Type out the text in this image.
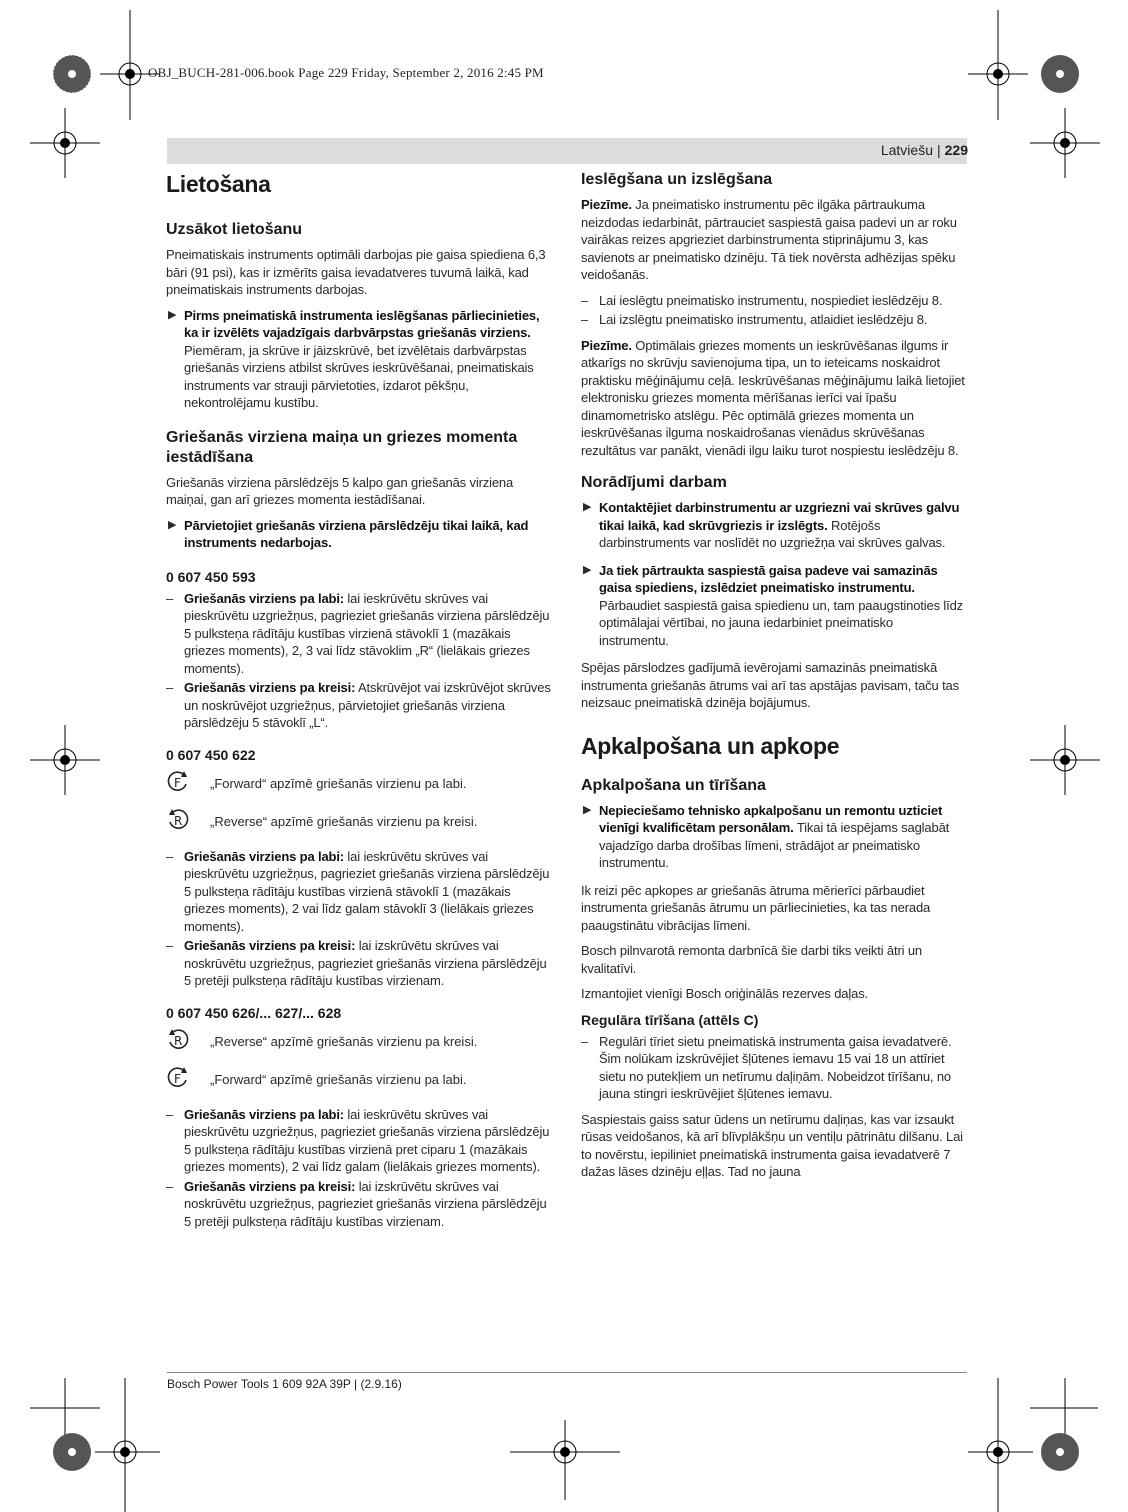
OBJ_BUCH-281-006.book Page 229 Friday, September 2, 2016 2:45 PM
Latviešu | 229
Lietošana
Uzsākot lietošanu
Pneimatiskais instruments optimāli darbojas pie gaisa spiediena 6,3 bāri (91 psi), kas ir izmērīts gaisa ievadatveres tuvumā laikā, kad pneimatiskais instruments darbojas.
▶ Pirms pneimatiskā instrumenta ieslēgšanas pārliecinieties, ka ir izvēlēts vajadzīgais darbvārpstas griešanās virziens. Piemēram, ja skrūve ir jāizskrūvē, bet izvēlētais darbvārpstas griešanās virziens atbilst skrūves ieskrūvēšanai, pneimatiskais instruments var strauji pārvietoties, izdarot pēkšņu, nekontrolējamu kustību.
Griešanās virziena maiņa un griezes momenta iestādīšana
Griešanās virziena pārslēdzējs 5 kalpo gan griešanās virziena maiņai, gan arī griezes momenta iestādīšanai.
▶ Pārvietojiet griešanās virziena pārslēdzēju tikai laikā, kad instruments nedarbojas.
0 607 450 593
– Griešanās virziens pa labi: lai ieskrūvētu skrūves vai pieskrūvētu uzgriežņus, pagrieziet griešanās virziena pārslēdzēju 5 pulksteņa rādītāju kustības virzienā stāvoklī 1 (mazākais griezes moments), 2, 3 vai līdz stāvoklim „R“ (lielākais griezes moments).
– Griešanās virziens pa kreisi: Atskrūvējot vai izskrūvējot skrūves un noskrūvējot uzgriežņus, pārvietojiet griešanās virziena pārslēdzēju 5 stāvoklī „L“.
0 607 450 622
F „Forward“ apzīmē griešanās virzienu pa labi.
R „Reverse“ apzīmē griešanās virzienu pa kreisi.
– Griešanās virziens pa labi: lai ieskrūvētu skrūves vai pieskrūvētu uzgriežņus, pagrieziet griešanās virziena pārslēdzēju 5 pulksteņa rādītāju kustības virzienā stāvoklī 1 (mazākais griezes moments), 2 vai līdz galam stāvoklī 3 (lielākais griezes moments).
– Griešanās virziens pa kreisi: lai izskrūvētu skrūves vai noskrūvētu uzgriežņus, pagrieziet griešanās virziena pārslēdzēju 5 pretēji pulksteņa rādītāju kustības virzienam.
0 607 450 626/... 627/... 628
R „Reverse“ apzīmē griešanās virzienu pa kreisi.
F „Forward“ apzīmē griešanās virzienu pa labi.
– Griešanās virziens pa labi: lai ieskrūvētu skrūves vai pieskrūvētu uzgriežņus, pagrieziet griešanās virziena pārslēdzēju 5 pulksteņa rādītāju kustības virzienā pret ciparu 1 (mazākais griezes moments), 2 vai līdz galam (lielākais griezes moments).
– Griešanās virziens pa kreisi: lai izskrūvētu skrūves vai noskrūvētu uzgriežņus, pagrieziet griešanās virziena pārslēdzēju 5 pretēji pulksteņa rādītāju kustības virzienam.
Ieslēgšana un izslēgšana
Piezīme. Ja pneimatisko instrumentu pēc ilgāka pārtraukuma neizdodas iedarbināt, pārtrauciet saspiestā gaisa padevi un ar roku vairākas reizes apgrieziet darbinstrumenta stiprinājumu 3, kas savienots ar pneimatisko dzinēju. Tā tiek novērsta adhēzijas spēku veidošanās.
– Lai ieslēgtu pneimatisko instrumentu, nospiediet ieslēdzēju 8.
– Lai izslēgtu pneimatisko instrumentu, atlaidiet ieslēdzēju 8.
Piezīme. Optimālais griezes moments un ieskrūvēšanas ilgums ir atkarīgs no skrūvju savienojuma tipa, un to ieteicams noskaidrot praktisku mēģinājumu ceļā. Ieskrūvēšanas mēģinājumu laikā lietojiet elektronisku griezes momenta mērīšanas ierīci vai īpašu dinamometrisko atslēgu. Pēc optimālā griezes momenta un ieskrūvēšanas ilguma noskaidrošanas vienādus skrūvēšanas rezultātus var panākt, vienādi ilgu laiku turot nospiestu ieslēdzēju 8.
Norādījumi darbam
▶ Kontaktējiet darbinstrumentu ar uzgriezni vai skrūves galvu tikai laikā, kad skrūvgriezis ir izslēgts. Rotējošs darbinstruments var noslīdēt no uzgriežņa vai skrūves galvas.
▶ Ja tiek pārtraukta saspiestā gaisa padeve vai samazinās gaisa spiediens, izslēdziet pneimatisko instrumentu. Pārbaudiet saspiestā gaisa spiedienu un, tam paaugstinoties līdz optimālajai vērtībai, no jauna iedarbiniet pneimatisko instrumentu.
Spējas pārslodzes gadījumā ievērojami samazinās pneimatiskā instrumenta griešanās ātrums vai arī tas apstājas pavisam, taču tas neizsauc pneimatiskā dzinēja bojājumus.
Apkalpošana un apkope
Apkalpošana un tīrīšana
▶ Nepieciešamo tehnisko apkalpošanu un remontu uzticiet vienīgi kvalificētam personālam. Tikai tā iespējams saglabāt vajadzīgo darba drošības līmeni, strādājot ar pneimatisko instrumentu.
Ik reizi pēc apkopes ar griešanās ātruma mērierīci pārbaudiet instrumenta griešanās ātrumu un pārliecinieties, ka tas neradа paaugstinātu vibrācijas līmeni.
Bosch pilnvarotā remonta darbnīcā šie darbi tiks veikti ātri un kvalitatīvi.
Izmantojiet vienīgi Bosch oriģinālās rezerves daļas.
Regulāra tīrīšana (attēls C)
– Regulāri tīriet sietu pneimatiskā instrumenta gaisa ievadatverē. Šim nolūkam izskrūvējiet šļūtenes iemavu 15 vai 18 un attīriet sietu no putekļiem un netīrumu daļiņām. Nobeidzot tīrīšanu, no jauna stingri ieskrūvējiet šļūtenes iemavu.
Saspiestais gaiss satur ūdens un netīrumu daļiņas, kas var izsaukt rūsas veidošanos, kā arī blīvplākšņu un ventiļu pātrinātu dilšanu. Lai to novērstu, iepiliniet pneimatiskā instrumenta gaisa ievadatverē 7 dažas lāses dzinēju eļļas. Tad no jauna
Bosch Power Tools 1 609 92A 39P | (2.9.16)
